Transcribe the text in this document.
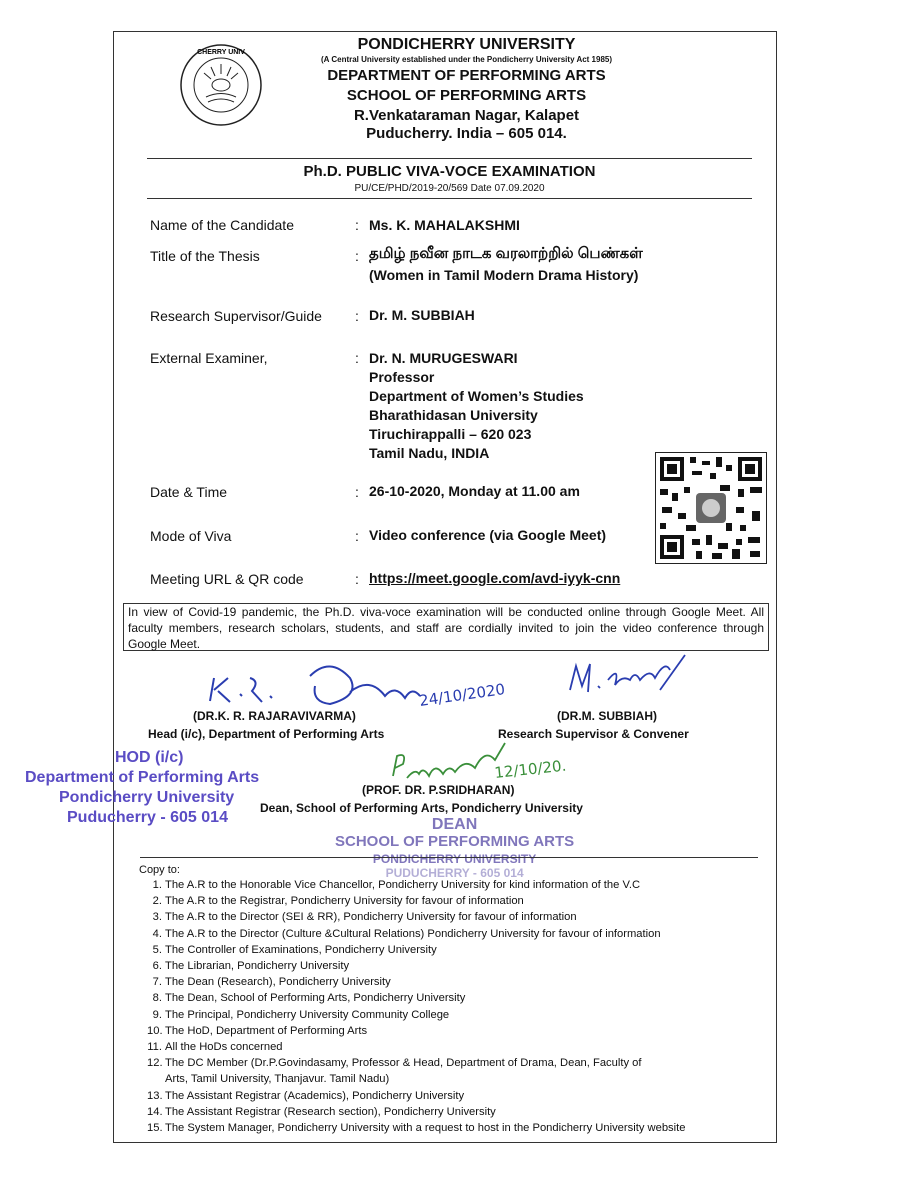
CHERRY UNIV	PONDICHERRY UNIVERSITY
(A Central University established under the Pondicherry University Act 1985)
DEPARTMENT OF PERFORMING ARTS
SCHOOL OF PERFORMING ARTS
R.Venkataraman Nagar, Kalapet
Puducherry. India – 605 014.
Ph.D. PUBLIC VIVA-VOCE EXAMINATION
PU/CE/PHD/2019-20/569 Date 07.09.2020
Name of the Candidate	: Ms. K. MAHALAKSHMI
Title of the Thesis	: தமிழ் நவீன நாடக வரலாற்றில் பெண்கள்
(Women in Tamil Modern Drama History)
Research Supervisor/Guide : Dr. M. SUBBIAH
External Examiner,	: Dr. N. MURUGESWARI
Professor
Department of Women’s Studies
Bharathidasan University
Tiruchirappalli – 620 023
Tamil Nadu, INDIA
Date & Time	: 26-10-2020, Monday at 11.00 am
Mode of Viva	: Video conference (via Google Meet)
Meeting URL & QR code	: https://meet.google.com/avd-iyyk-cnn
In view of Covid-19 pandemic, the Ph.D. viva-voce examination will be conducted online through Google Meet. All faculty members, research scholars, students, and staff are cordially invited to join the video conference through Google Meet.
24/10/2020
(DR.K. R. RAJARAVIVARMA)
Head (i/c), Department of Performing Arts
(DR.M. SUBBIAH)
Research Supervisor & Convener
12/10/20.
(PROF. DR. P.SRIDHARAN)
Dean, School of Performing Arts, Pondicherry University
HOD (i/c)
Department of Performing Arts
Pondicherry University
Puducherry - 605 014	DEAN
SCHOOL OF PERFORMING ARTS
PONDICHERRY UNIVERSITY
PUDUCHERRY - 605 014
Copy to:
1. The A.R to the Honorable Vice Chancellor, Pondicherry University for kind information of the V.C
2. The A.R to the Registrar, Pondicherry University for favour of information
3. The A.R to the Director (SEI & RR), Pondicherry University for favour of information
4. The A.R to the Director (Culture &Cultural Relations) Pondicherry University for favour of information
5. The Controller of Examinations, Pondicherry University
6. The Librarian, Pondicherry University
7. The Dean (Research), Pondicherry University
8. The Dean, School of Performing Arts, Pondicherry University
9. The Principal, Pondicherry University Community College
10. The HoD, Department of Performing Arts
11. All the HoDs concerned
12. The DC Member (Dr.P.Govindasamy, Professor & Head, Department of Drama, Dean, Faculty of
Arts, Tamil University, Thanjavur. Tamil Nadu)
13. The Assistant Registrar (Academics), Pondicherry University
14. The Assistant Registrar (Research section), Pondicherry University
15. The System Manager, Pondicherry University with a request to host in the Pondicherry University website
